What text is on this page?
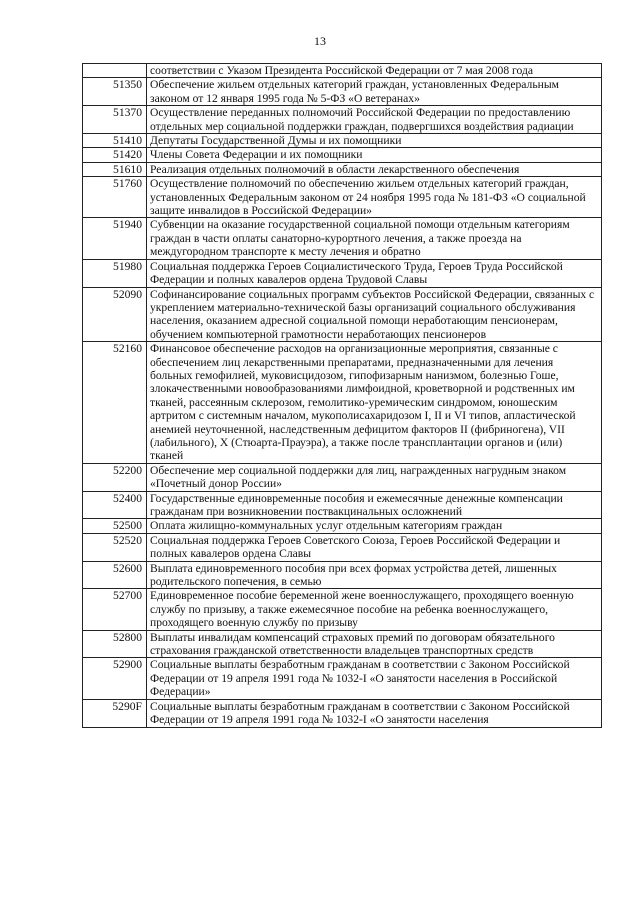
13
	соответствии с Указом Президента Российской Федерации от 7 мая 2008 года
51350	Обеспечение жильем отдельных категорий граждан, установленных Федеральным законом от 12 января 1995 года № 5-ФЗ «О ветеранах»
51370	Осуществление переданных полномочий Российской Федерации по предоставлению отдельных мер социальной поддержки граждан, подвергшихся воздействия радиации
51410	Депутаты Государственной Думы и их помощники
51420	Члены Совета Федерации и их помощники
51610	Реализация отдельных полномочий в области лекарственного обеспечения
51760	Осуществление полномочий по обеспечению жильем отдельных категорий граждан, установленных Федеральным законом от 24 ноября 1995 года № 181-ФЗ «О социальной защите инвалидов в Российской Федерации»
51940	Субвенции на оказание государственной социальной помощи отдельным категориям граждан в части оплаты санаторно-курортного лечения, а также проезда на междугородном транспорте к месту лечения и обратно
51980	Социальная поддержка Героев Социалистического Труда, Героев Труда Российской Федерации и полных кавалеров ордена Трудовой Славы
52090	Софинансирование социальных программ субъектов Российской Федерации, связанных с укреплением материально-технической базы организаций социального обслуживания населения, оказанием адресной социальной помощи неработающим пенсионерам, обучением компьютерной грамотности неработающих пенсионеров
52160	Финансовое обеспечение расходов на организационные мероприятия, связанные с обеспечением лиц лекарственными препаратами, предназначенными для лечения больных гемофилией, муковисцидозом, гипофизарным нанизмом, болезнью Гоше, злокачественными новообразованиями лимфоидной, кроветворной и родственных им тканей, рассеянным склерозом, гемолитико-уремическим синдромом, юношеским артритом с системным началом, мукополисахаридозом I, II и VI типов, апластической анемией неуточненной, наследственным дефицитом факторов II (фибриногена), VII (лабильного), X (Стюарта-Прауэра), а также после трансплантации органов и (или) тканей
52200	Обеспечение мер социальной поддержки для лиц, награжденных нагрудным знаком «Почетный донор России»
52400	Государственные единовременные пособия и ежемесячные денежные компенсации гражданам при возникновении поствакцинальных осложнений
52500	Оплата жилищно-коммунальных услуг отдельным категориям граждан
52520	Социальная поддержка Героев Советского Союза, Героев Российской Федерации и полных кавалеров ордена Славы
52600	Выплата единовременного пособия при всех формах устройства детей, лишенных родительского попечения, в семью
52700	Единовременное пособие беременной жене военнослужащего, проходящего военную службу по призыву, а также ежемесячное пособие на ребенка военнослужащего, проходящего военную службу по призыву
52800	Выплаты инвалидам компенсаций страховых премий по договорам обязательного страхования гражданской ответственности владельцев транспортных средств
52900	Социальные выплаты безработным гражданам в соответствии с Законом Российской Федерации от 19 апреля 1991 года № 1032-I «О занятости населения в Российской Федерации»
5290F	Социальные выплаты безработным гражданам в соответствии с Законом Российской Федерации от 19 апреля 1991 года № 1032-I «О занятости населения
